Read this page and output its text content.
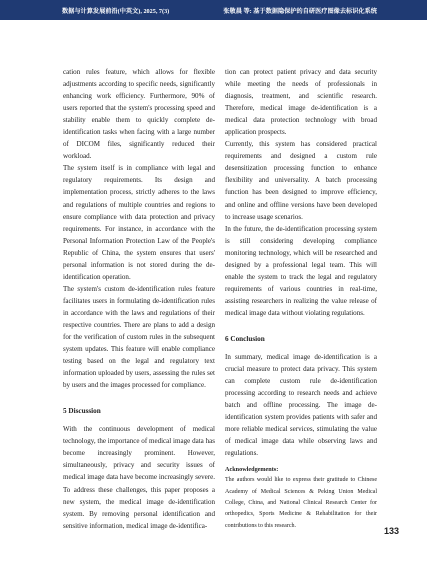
数据与计算发展前沿(中英文), 2025, 7(3)	张敬晨 等: 基于数据隐保护的自研医疗图像去标识化系统

cation rules feature, which allows for flexible adjustments according to specific needs, significantly enhancing work efficiency. Furthermore, 90% of users reported that the system's processing speed and stability enable them to quickly complete de-identification tasks when facing with a large number of DICOM files, significantly reduced their workload.

The system itself is in compliance with legal and regulatory requirements. Its design and implementation process, strictly adheres to the laws and regulations of multiple countries and regions to ensure compliance with data protection and privacy requirements. For instance, in accordance with the Personal Information Protection Law of the People's Republic of China, the system ensures that users' personal information is not stored during the de-identification operation.

The system's custom de-identification rules feature facilitates users in formulating de-identification rules in accordance with the laws and regulations of their respective countries. There are plans to add a design for the verification of custom rules in the subsequent system updates. This feature will enable compliance testing based on the legal and regulatory text information uploaded by users, assessing the rules set by users and the images processed for compliance.

5 Discussion

With the continuous development of medical technology, the importance of medical image data has become increasingly prominent. However, simultaneously, privacy and security issues of medical image data have become increasingly severe. To address these challenges, this paper proposes a new system, the medical image de-identification system. By removing personal identification and sensitive information, medical image de-identifica-

tion can protect patient privacy and data security while meeting the needs of professionals in diagnosis, treatment, and scientific research. Therefore, medical image de-identification is a medical data protection technology with broad application prospects.

Currently, this system has considered practical requirements and designed a custom rule desensitization processing function to enhance flexibility and universality. A batch processing function has been designed to improve efficiency, and online and offline versions have been developed to increase usage scenarios.

In the future, the de-identification processing system is still considering developing compliance monitoring technology, which will be researched and designed by a professional legal team. This will enable the system to track the legal and regulatory requirements of various countries in real-time, assisting researchers in realizing the value release of medical image data without violating regulations.

6 Conclusion

In summary, medical image de-identification is a crucial measure to protect data privacy. This system can complete custom rule de-identification processing according to research needs and achieve batch and offline processing. The image de-identification system provides patients with safer and more reliable medical services, stimulating the value of medical image data while observing laws and regulations.

Acknowledgements:

The authors would like to express their gratitude to Chinese Academy of Medical Sciences & Peking Union Medical College, China, and National Clinical Research Center for orthopedics, Sports Medicine & Rehabilitation for their contributions to this research.

133
